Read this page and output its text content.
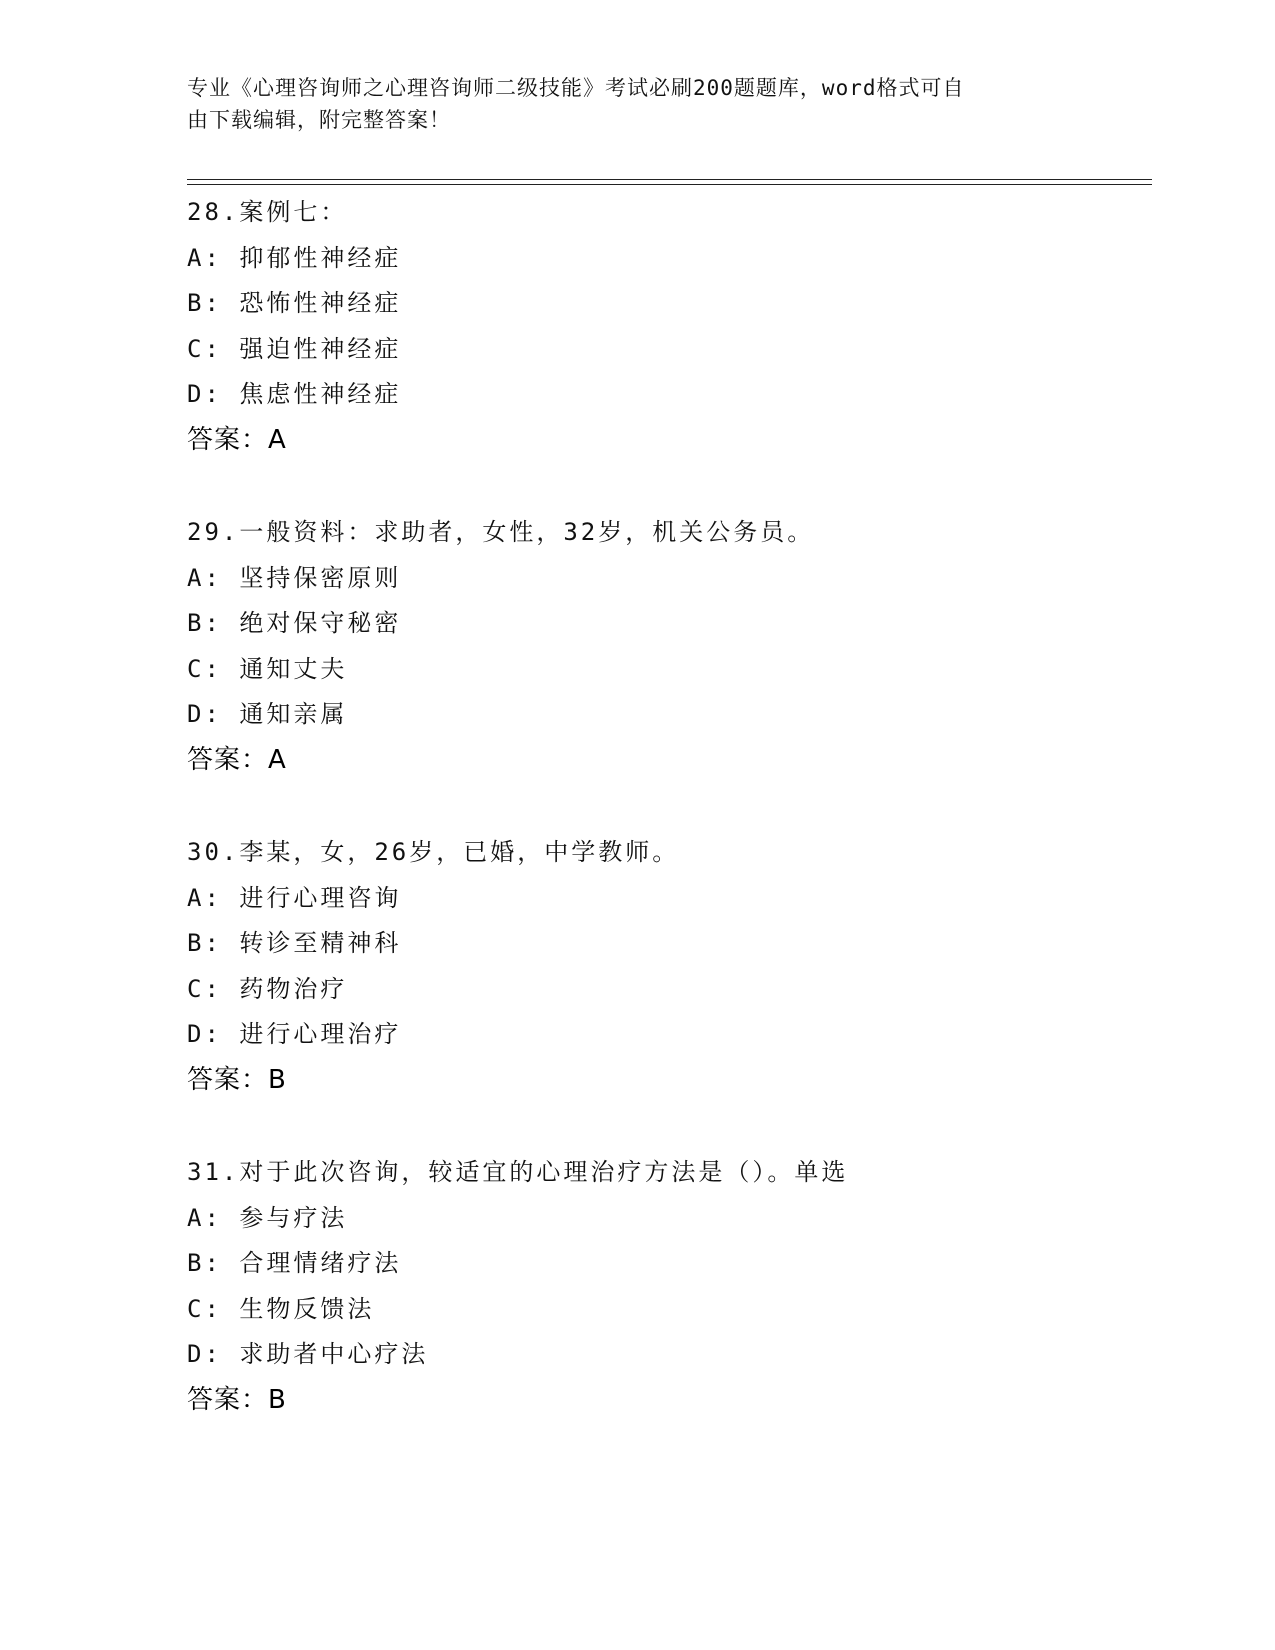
专业《心理咨询师之心理咨询师二级技能》考试必刷200题题库，word格式可自
由下载编辑，附完整答案！
28.案例七：
A: 抑郁性神经症
B: 恐怖性神经症
C: 强迫性神经症
D: 焦虑性神经症
答案：A
29.一般资料：求助者，女性，32岁，机关公务员。
A: 坚持保密原则
B: 绝对保守秘密
C: 通知丈夫
D: 通知亲属
答案：A
30.李某，女，26岁，已婚，中学教师。
A: 进行心理咨询
B: 转诊至精神科
C: 药物治疗
D: 进行心理治疗
答案：B
31.对于此次咨询，较适宜的心理治疗方法是（）。单选
A: 参与疗法
B: 合理情绪疗法
C: 生物反馈法
D: 求助者中心疗法
答案：B
